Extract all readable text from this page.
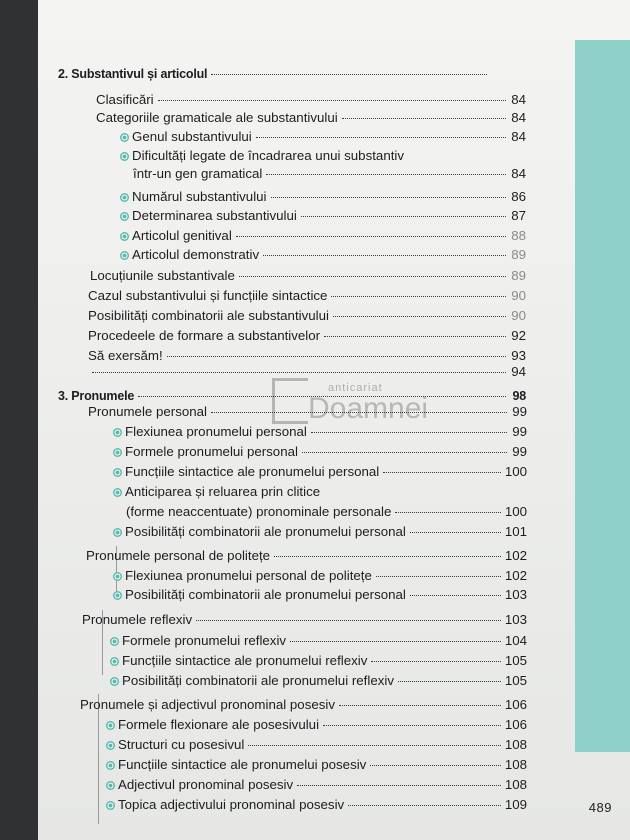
489
anticariat
Doamnei
2. Substantivul și articolul
Clasificări	84
Categoriile gramaticale ale substantivului	84
Genul substantivului	84
Dificultăți legate de încadrarea unui substantiv
într-un gen gramatical	84
Numărul substantivului	86
Determinarea substantivului	87
Articolul genitival	88
Articolul demonstrativ	89
Locuțiunile substantivale	89
Cazul substantivului și funcțiile sintactice	90
Posibilități combinatorii ale substantivului	90
Procedeele de formare a substantivelor	92
Să exersăm!	93
94
3. Pronumele	98
Pronumele personal	99
Flexiunea pronumelui personal	99
Formele pronumelui personal	99
Funcțiile sintactice ale pronumelui personal	100
Anticiparea și reluarea prin clitice
(forme neaccentuate) pronominale personale	100
Posibilități combinatorii ale pronumelui personal	101
Pronumele personal de politețe	102
Flexiunea pronumelui personal de politețe	102
Posibilități combinatorii ale pronumelui personal	103
Pronumele reflexiv	103
Formele pronumelui reflexiv	104
Funcțiile sintactice ale pronumelui reflexiv	105
Posibilități combinatorii ale pronumelui reflexiv	105
Pronumele și adjectivul pronominal posesiv	106
Formele flexionare ale posesivului	106
Structuri cu posesivul	108
Funcțiile sintactice ale pronumelui posesiv	108
Adjectivul pronominal posesiv	108
Topica adjectivului pronominal posesiv	109
